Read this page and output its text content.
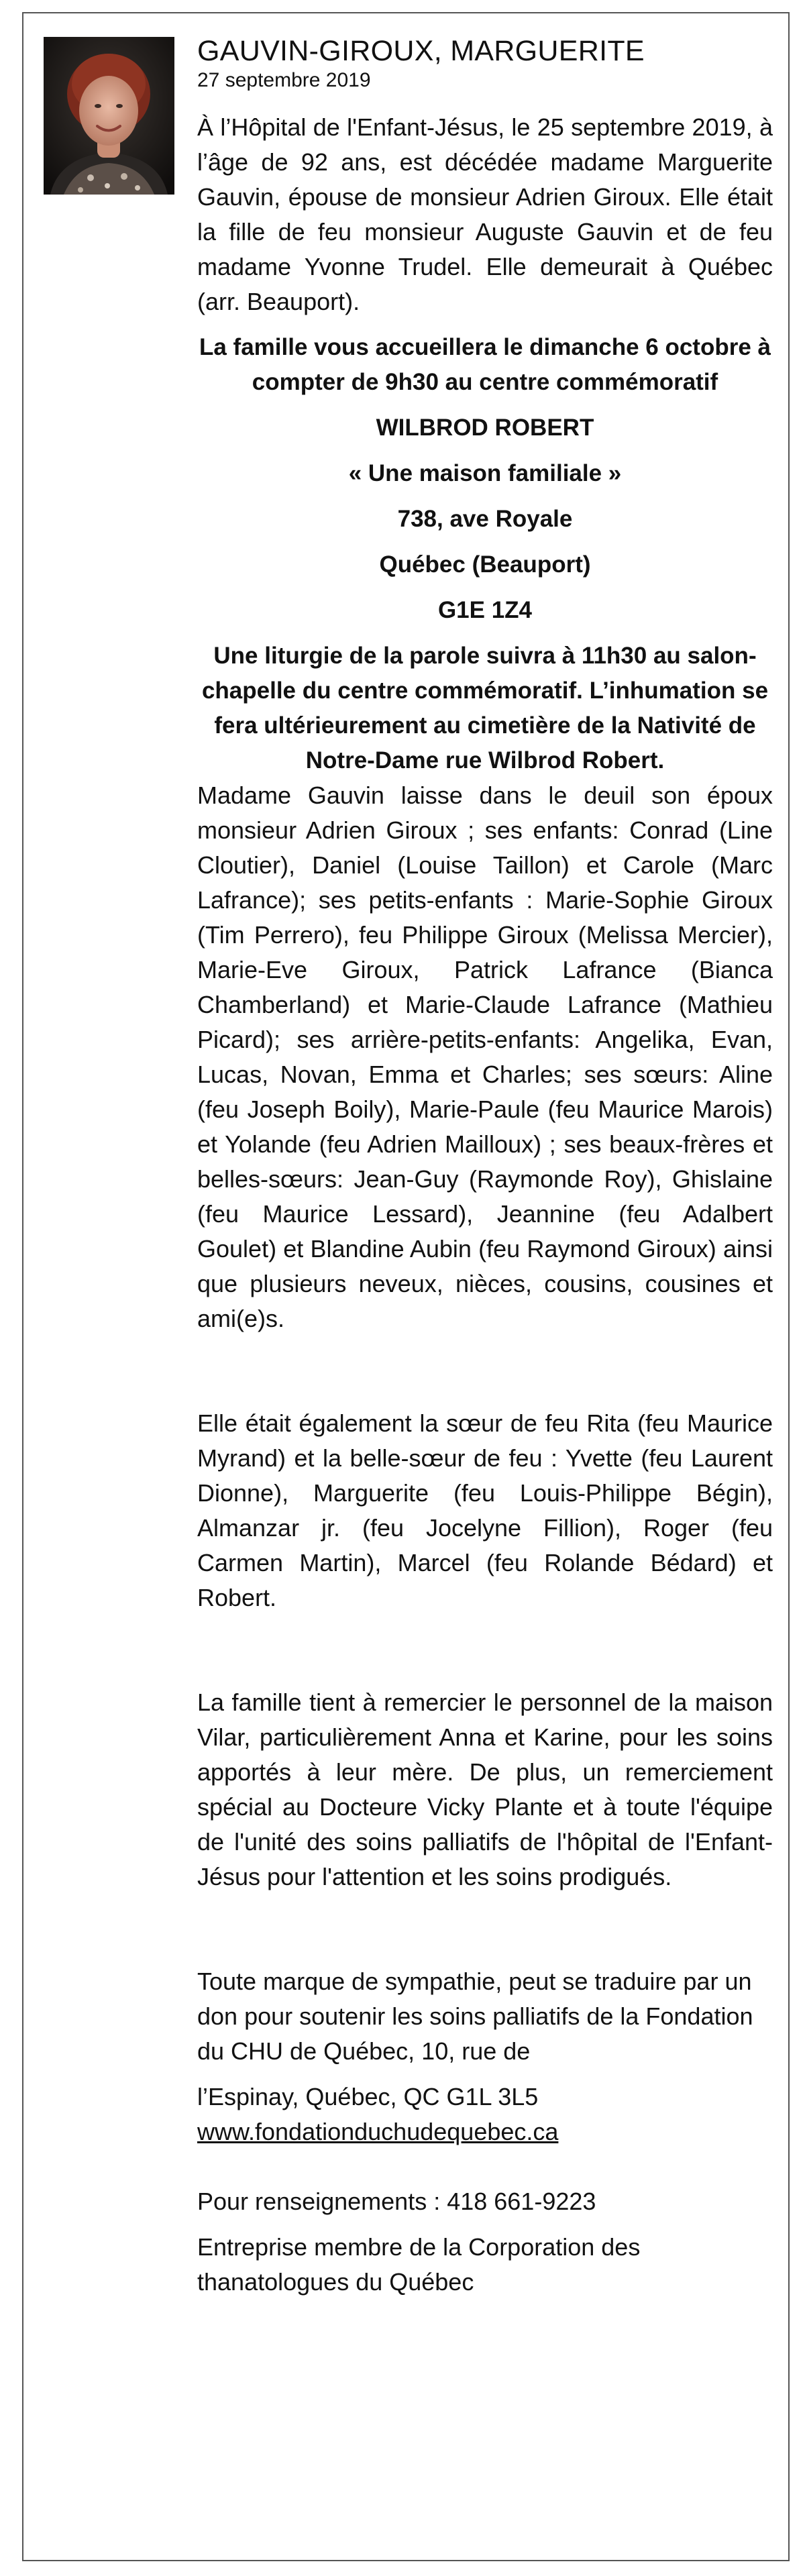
GAUVIN-GIROUX, MARGUERITE

27 septembre 2019

À l’Hôpital de l'Enfant-Jésus, le 25 septembre 2019, à l’âge de 92 ans, est décédée madame Marguerite Gauvin, épouse de monsieur Adrien Giroux. Elle était la fille de feu monsieur Auguste Gauvin et de feu madame Yvonne Trudel. Elle demeurait à Québec (arr. Beauport).

La famille vous accueillera le dimanche 6 octobre à compter de 9h30 au centre commémoratif

WILBROD ROBERT

« Une maison familiale »

738, ave Royale

Québec (Beauport)

G1E 1Z4

Une liturgie de la parole suivra à 11h30 au salon-chapelle du centre commémoratif. L’inhumation se fera ultérieurement au cimetière de la Nativité de Notre-Dame rue Wilbrod Robert.

Madame Gauvin laisse dans le deuil son époux monsieur Adrien Giroux ; ses enfants: Conrad (Line Cloutier), Daniel (Louise Taillon) et Carole (Marc Lafrance); ses petits-enfants : Marie-Sophie Giroux (Tim Perrero), feu Philippe Giroux (Melissa Mercier), Marie-Eve Giroux, Patrick Lafrance (Bianca Chamberland) et Marie-Claude Lafrance (Mathieu Picard); ses arrière-petits-enfants: Angelika, Evan, Lucas, Novan, Emma et Charles; ses sœurs: Aline (feu Joseph Boily), Marie-Paule (feu Maurice Marois) et Yolande (feu Adrien Mailloux) ; ses beaux-frères et belles-sœurs: Jean-Guy (Raymonde Roy), Ghislaine (feu Maurice Lessard), Jeannine (feu Adalbert Goulet) et Blandine Aubin (feu Raymond Giroux) ainsi que plusieurs neveux, nièces, cousins, cousines et ami(e)s.

Elle était également la sœur de feu Rita (feu Maurice Myrand) et la belle-sœur de feu : Yvette (feu Laurent Dionne), Marguerite (feu Louis-Philippe Bégin), Almanzar jr. (feu Jocelyne Fillion), Roger (feu Carmen Martin), Marcel (feu Rolande Bédard) et Robert.

La famille tient à remercier le personnel de la maison Vilar, particulièrement Anna et Karine, pour les soins apportés à leur mère. De plus, un remerciement spécial au Docteure Vicky Plante et à toute l'équipe de l'unité des soins palliatifs de l'hôpital de l'Enfant-Jésus pour l'attention et les soins prodigués.

Toute marque de sympathie, peut se traduire par un don pour soutenir les soins palliatifs de la Fondation du CHU de Québec, 10, rue de

l’Espinay, Québec, QC G1L 3L5

www.fondationduchudequebec.ca

Pour renseignements : 418 661-9223

Entreprise membre de la Corporation des thanatologues du Québec
